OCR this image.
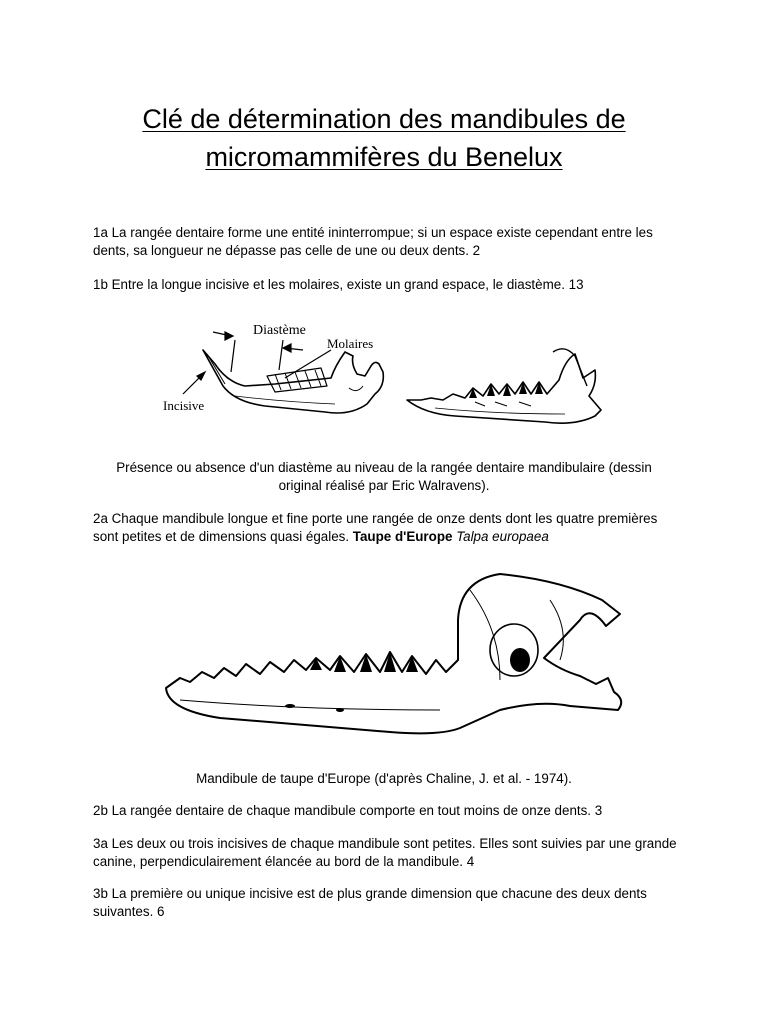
Clé de détermination des mandibules de
micromammifères du Benelux

1a La rangée dentaire forme une entité ininterrompue; si un espace existe cependant entre les dents, sa longueur ne dépasse pas celle de une ou deux dents. 2

1b Entre la longue incisive et les molaires, existe un grand espace, le diastème. 13

Diastème
Molaires
Incisive

Présence ou absence d'un diastème au niveau de la rangée dentaire mandibulaire (dessin original réalisé par Eric Walravens).

2a Chaque mandibule longue et fine porte une rangée de onze dents dont les quatre premières sont petites et de dimensions quasi égales. Taupe d'Europe Talpa europaea

Mandibule de taupe d'Europe (d'après Chaline, J. et al. - 1974).

2b La rangée dentaire de chaque mandibule comporte en tout moins de onze dents. 3

3a Les deux ou trois incisives de chaque mandibule sont petites. Elles sont suivies par une grande canine, perpendiculairement élancée au bord de la mandibule. 4

3b La première ou unique incisive est de plus grande dimension que chacune des deux dents suivantes. 6
